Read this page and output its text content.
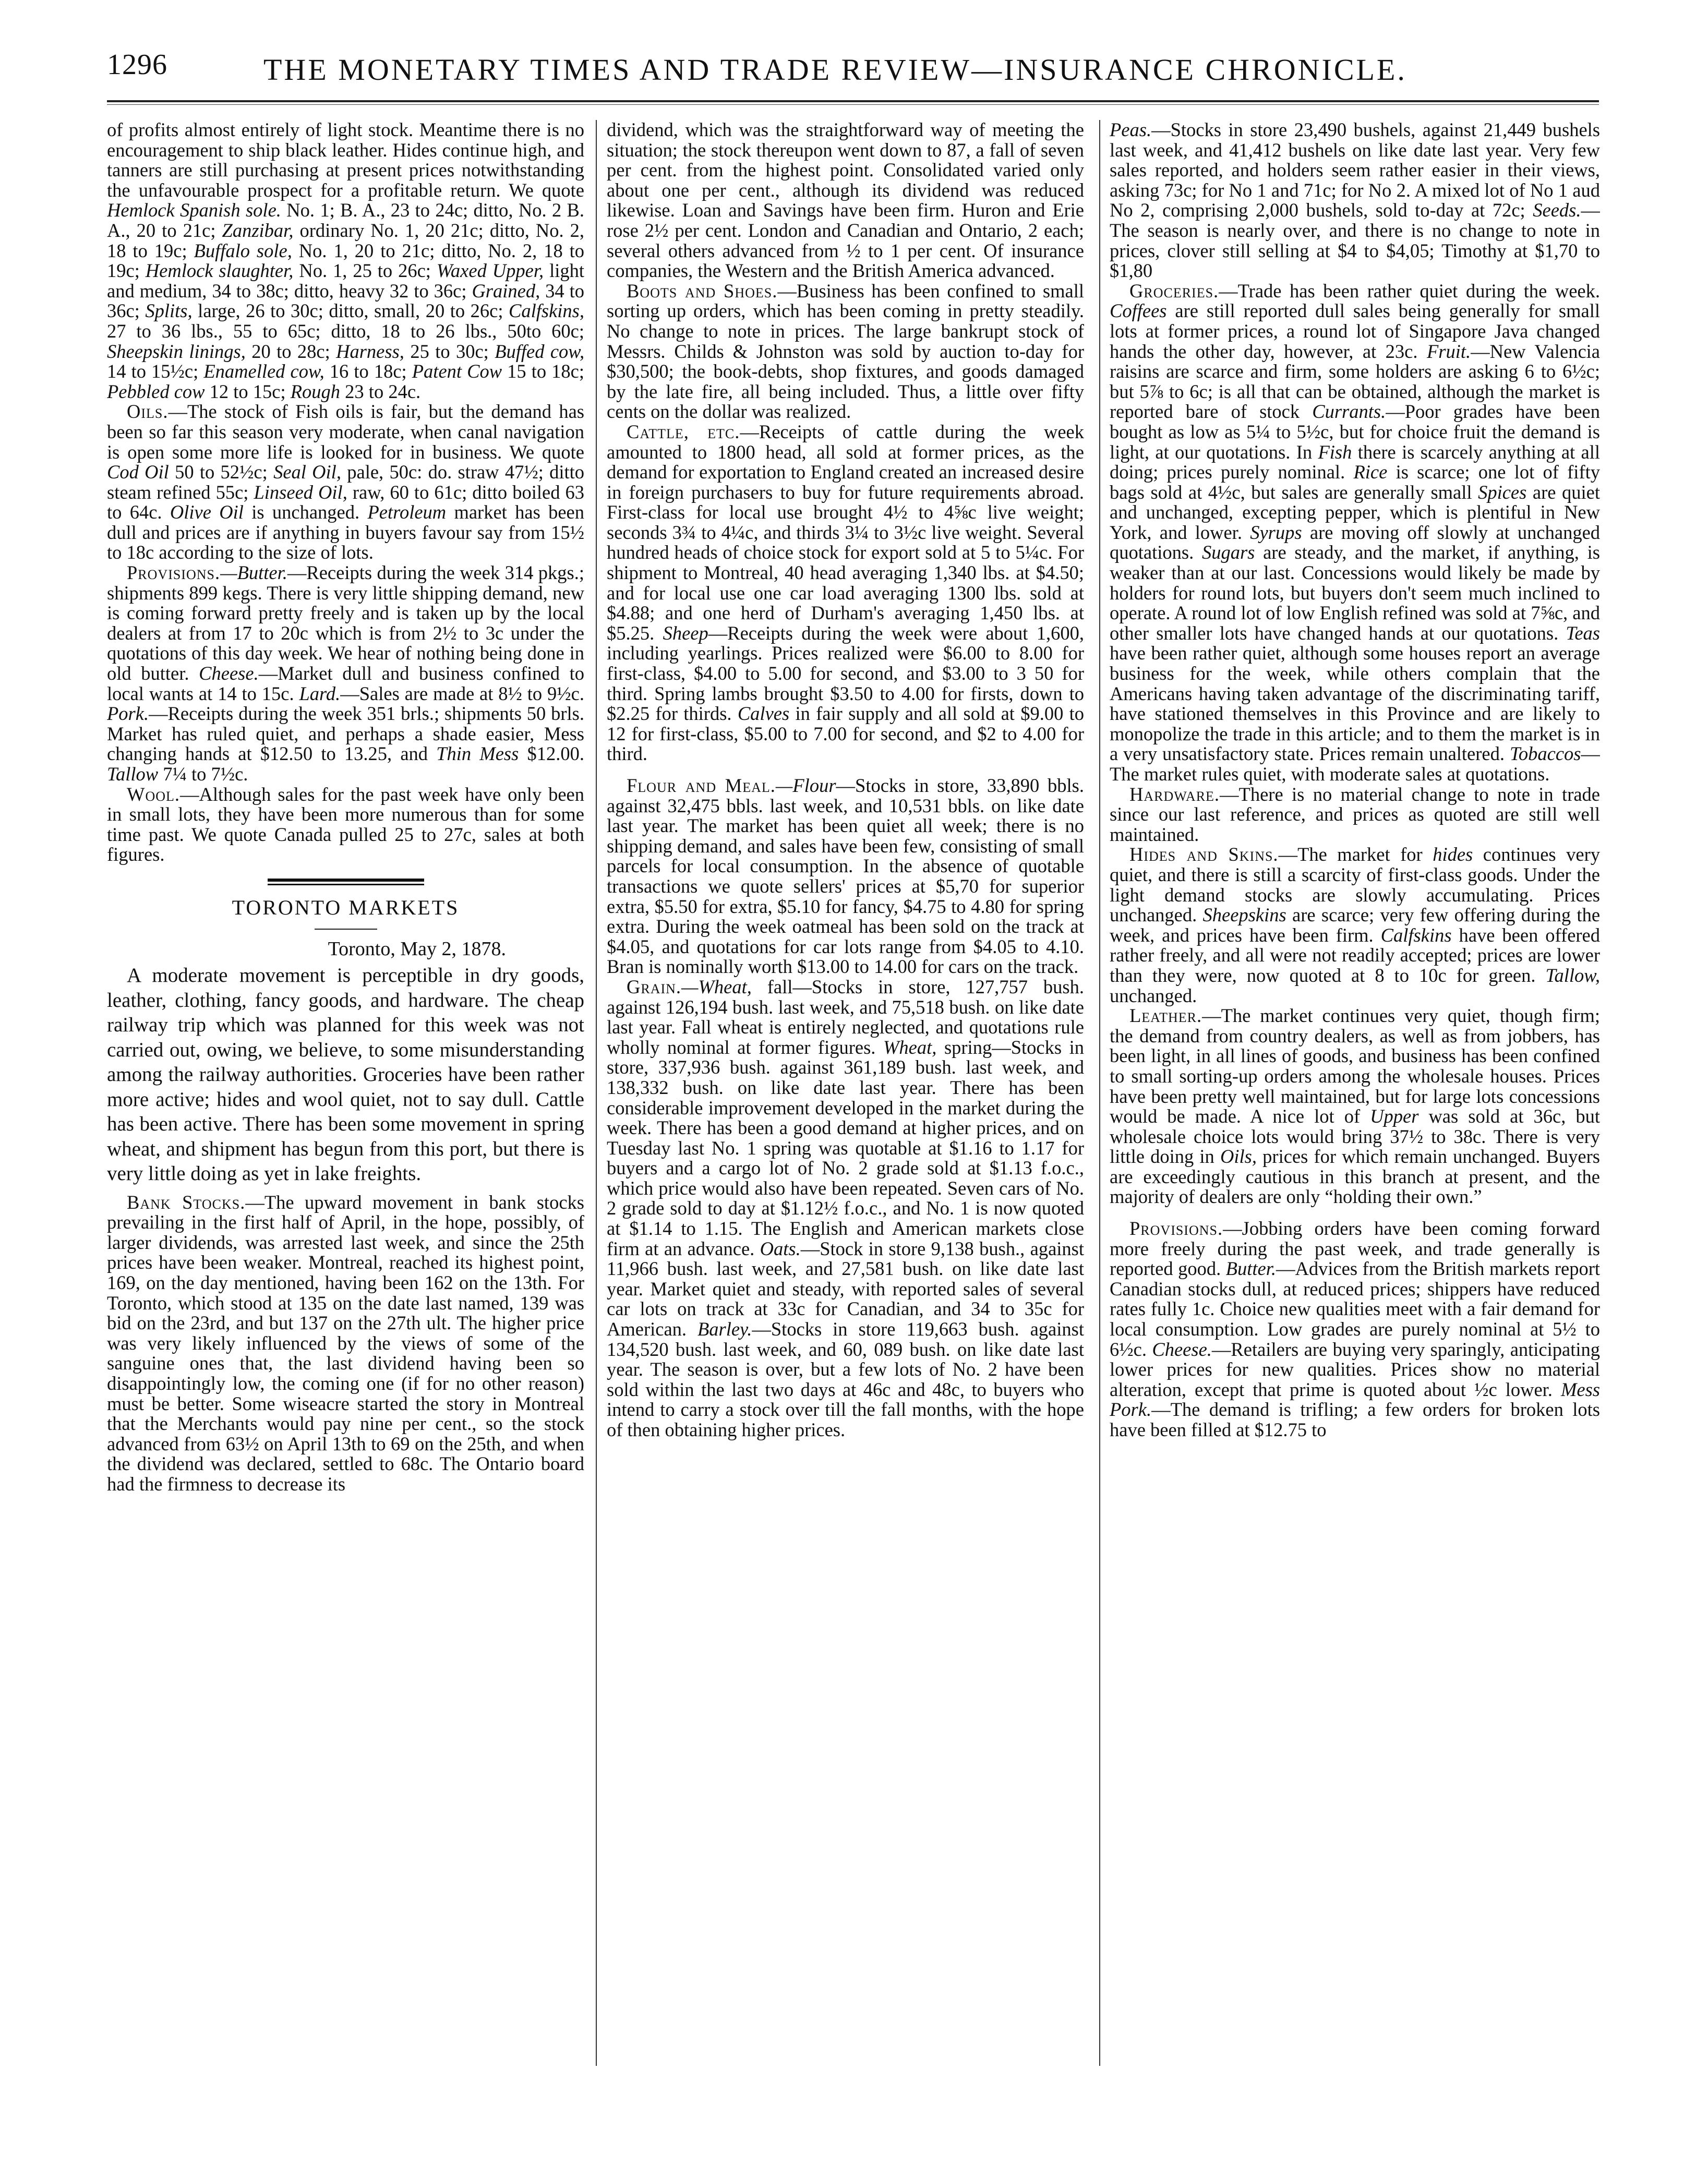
1296	THE MONETARY TIMES AND TRADE REVIEW—INSURANCE CHRONICLE.

of profits almost entirely of light stock. Meantime there is no encouragement to ship black leather. Hides continue high, and tanners are still purchasing at present prices notwithstanding the unfavourable prospect for a profitable return. We quote Hemlock Spanish sole. No. 1; B. A., 23 to 24c; ditto, No. 2 B. A., 20 to 21c; Zanzibar, ordinary No. 1, 20 21c; ditto, No. 2, 18 to 19c; Buffalo sole, No. 1, 20 to 21c; ditto, No. 2, 18 to 19c; Hemlock slaughter, No. 1, 25 to 26c; Waxed Upper, light and medium, 34 to 38c; ditto, heavy 32 to 36c; Grained, 34 to 36c; Splits, large, 26 to 30c; ditto, small, 20 to 26c; Calfskins, 27 to 36 lbs., 55 to 65c; ditto, 18 to 26 lbs., 50to 60c; Sheepskin linings, 20 to 28c; Harness, 25 to 30c; Buffed cow, 14 to 15½c; Enamelled cow, 16 to 18c; Patent Cow 15 to 18c; Pebbled cow 12 to 15c; Rough 23 to 24c.

Oils.—The stock of Fish oils is fair, but the demand has been so far this season very moderate, when canal navigation is open some more life is looked for in business. We quote Cod Oil 50 to 52½c; Seal Oil, pale, 50c: do. straw 47½; ditto steam refined 55c; Linseed Oil, raw, 60 to 61c; ditto boiled 63 to 64c. Olive Oil is unchanged. Petroleum market has been dull and prices are if anything in buyers favour say from 15½ to 18c according to the size of lots.

Provisions.—Butter.—Receipts during the week 314 pkgs.; shipments 899 kegs. There is very little shipping demand, new is coming forward pretty freely and is taken up by the local dealers at from 17 to 20c which is from 2½ to 3c under the quotations of this day week. We hear of nothing being done in old butter. Cheese.—Market dull and business confined to local wants at 14 to 15c. Lard.—Sales are made at 8½ to 9½c. Pork.—Receipts during the week 351 brls.; shipments 50 brls. Market has ruled quiet, and perhaps a shade easier, Mess changing hands at $12.50 to 13.25, and Thin Mess $12.00. Tallow 7¼ to 7½c.

Wool.—Although sales for the past week have only been in small lots, they have been more numerous than for some time past. We quote Canada pulled 25 to 27c, sales at both figures.

TORONTO MARKETS
Toronto, May 2, 1878.

A moderate movement is perceptible in dry goods, leather, clothing, fancy goods, and hardware. The cheap railway trip which was planned for this week was not carried out, owing, we believe, to some misunderstanding among the railway authorities. Groceries have been rather more active; hides and wool quiet, not to say dull. Cattle has been active. There has been some movement in spring wheat, and shipment has begun from this port, but there is very little doing as yet in lake freights.

Bank Stocks.—The upward movement in bank stocks prevailing in the first half of April, in the hope, possibly, of larger dividends, was arrested last week, and since the 25th prices have been weaker. Montreal, reached its highest point, 169, on the day mentioned, having been 162 on the 13th. For Toronto, which stood at 135 on the date last named, 139 was bid on the 23rd, and but 137 on the 27th ult. The higher price was very likely influenced by the views of some of the sanguine ones that, the last dividend having been so disappointingly low, the coming one (if for no other reason) must be better. Some wiseacre started the story in Montreal that the Merchants would pay nine per cent., so the stock advanced from 63½ on April 13th to 69 on the 25th, and when the dividend was declared, settled to 68c. The Ontario board had the firmness to decrease its

dividend, which was the straightforward way of meeting the situation; the stock thereupon went down to 87, a fall of seven per cent. from the highest point. Consolidated varied only about one per cent., although its dividend was reduced likewise. Loan and Savings have been firm. Huron and Erie rose 2½ per cent. London and Canadian and Ontario, 2 each; several others advanced from ½ to 1 per cent. Of insurance companies, the Western and the British America advanced.

Boots and Shoes.—Business has been confined to small sorting up orders, which has been coming in pretty steadily. No change to note in prices. The large bankrupt stock of Messrs. Childs & Johnston was sold by auction to-day for $30,500; the book-debts, shop fixtures, and goods damaged by the late fire, all being included. Thus, a little over fifty cents on the dollar was realized.

Cattle, etc.—Receipts of cattle during the week amounted to 1800 head, all sold at former prices, as the demand for exportation to England created an increased desire in foreign purchasers to buy for future requirements abroad. First-class for local use brought 4½ to 4⅝c live weight; seconds 3¾ to 4¼c, and thirds 3¼ to 3½c live weight. Several hundred heads of choice stock for export sold at 5 to 5¼c. For shipment to Montreal, 40 head averaging 1,340 lbs. at $4.50; and for local use one car load averaging 1300 lbs. sold at $4.88; and one herd of Durham's averaging 1,450 lbs. at $5.25. Sheep—Receipts during the week were about 1,600, including yearlings. Prices realized were $6.00 to 8.00 for first-class, $4.00 to 5.00 for second, and $3.00 to 3 50 for third. Spring lambs brought $3.50 to 4.00 for firsts, down to $2.25 for thirds. Calves in fair supply and all sold at $9.00 to 12 for first-class, $5.00 to 7.00 for second, and $2 to 4.00 for third.

Flour and Meal.—Flour—Stocks in store, 33,890 bbls. against 32,475 bbls. last week, and 10,531 bbls. on like date last year. The market has been quiet all week; there is no shipping demand, and sales have been few, consisting of small parcels for local consumption. In the absence of quotable transactions we quote sellers' prices at $5,70 for superior extra, $5.50 for extra, $5.10 for fancy, $4.75 to 4.80 for spring extra. During the week oatmeal has been sold on the track at $4.05, and quotations for car lots range from $4.05 to 4.10. Bran is nominally worth $13.00 to 14.00 for cars on the track.

Grain.—Wheat, fall—Stocks in store, 127,757 bush. against 126,194 bush. last week, and 75,518 bush. on like date last year. Fall wheat is entirely neglected, and quotations rule wholly nominal at former figures. Wheat, spring—Stocks in store, 337,936 bush. against 361,189 bush. last week, and 138,332 bush. on like date last year. There has been considerable improvement developed in the market during the week. There has been a good demand at higher prices, and on Tuesday last No. 1 spring was quotable at $1.16 to 1.17 for buyers and a cargo lot of No. 2 grade sold at $1.13 f.o.c., which price would also have been repeated. Seven cars of No. 2 grade sold to day at $1.12½ f.o.c., and No. 1 is now quoted at $1.14 to 1.15. The English and American markets close firm at an advance. Oats.—Stock in store 9,138 bush., against 11,966 bush. last week, and 27,581 bush. on like date last year. Market quiet and steady, with reported sales of several car lots on track at 33c for Canadian, and 34 to 35c for American. Barley.—Stocks in store 119,663 bush. against 134,520 bush. last week, and 60, 089 bush. on like date last year. The season is over, but a few lots of No. 2 have been sold within the last two days at 46c and 48c, to buyers who intend to carry a stock over till the fall months, with the hope of then obtaining higher prices.

Peas.—Stocks in store 23,490 bushels, against 21,449 bushels last week, and 41,412 bushels on like date last year. Very few sales reported, and holders seem rather easier in their views, asking 73c; for No 1 and 71c; for No 2. A mixed lot of No 1 aud No 2, comprising 2,000 bushels, sold to-day at 72c; Seeds.—The season is nearly over, and there is no change to note in prices, clover still selling at $4 to $4,05; Timothy at $1,70 to $1,80

Groceries.—Trade has been rather quiet during the week. Coffees are still reported dull sales being generally for small lots at former prices, a round lot of Singapore Java changed hands the other day, however, at 23c. Fruit.—New Valencia raisins are scarce and firm, some holders are asking 6 to 6½c; but 5⅞ to 6c; is all that can be obtained, although the market is reported bare of stock Currants.—Poor grades have been bought as low as 5¼ to 5½c, but for choice fruit the demand is light, at our quotations. In Fish there is scarcely anything at all doing; prices purely nominal. Rice is scarce; one lot of fifty bags sold at 4½c, but sales are generally small Spices are quiet and unchanged, excepting pepper, which is plentiful in New York, and lower. Syrups are moving off slowly at unchanged quotations. Sugars are steady, and the market, if anything, is weaker than at our last. Concessions would likely be made by holders for round lots, but buyers don't seem much inclined to operate. A round lot of low English refined was sold at 7⅝c, and other smaller lots have changed hands at our quotations. Teas have been rather quiet, although some houses report an average business for the week, while others complain that the Americans having taken advantage of the discriminating tariff, have stationed themselves in this Province and are likely to monopolize the trade in this article; and to them the market is in a very unsatisfactory state. Prices remain unaltered. Tobaccos—The market rules quiet, with moderate sales at quotations.

Hardware.—There is no material change to note in trade since our last reference, and prices as quoted are still well maintained.

Hides and Skins.—The market for hides continues very quiet, and there is still a scarcity of first-class goods. Under the light demand stocks are slowly accumulating. Prices unchanged. Sheepskins are scarce; very few offering during the week, and prices have been firm. Calfskins have been offered rather freely, and all were not readily accepted; prices are lower than they were, now quoted at 8 to 10c for green. Tallow, unchanged.

Leather.—The market continues very quiet, though firm; the demand from country dealers, as well as from jobbers, has been light, in all lines of goods, and business has been confined to small sorting-up orders among the wholesale houses. Prices have been pretty well maintained, but for large lots concessions would be made. A nice lot of Upper was sold at 36c, but wholesale choice lots would bring 37½ to 38c. There is very little doing in Oils, prices for which remain unchanged. Buyers are exceedingly cautious in this branch at present, and the majority of dealers are only “holding their own.”

Provisions.—Jobbing orders have been coming forward more freely during the past week, and trade generally is reported good. Butter.—Advices from the British markets report Canadian stocks dull, at reduced prices; shippers have reduced rates fully 1c. Choice new qualities meet with a fair demand for local consumption. Low grades are purely nominal at 5½ to 6½c. Cheese.—Retailers are buying very sparingly, anticipating lower prices for new qualities. Prices show no material alteration, except that prime is quoted about ½c lower. Mess Pork.—The demand is trifling; a few orders for broken lots have been filled at $12.75 to
